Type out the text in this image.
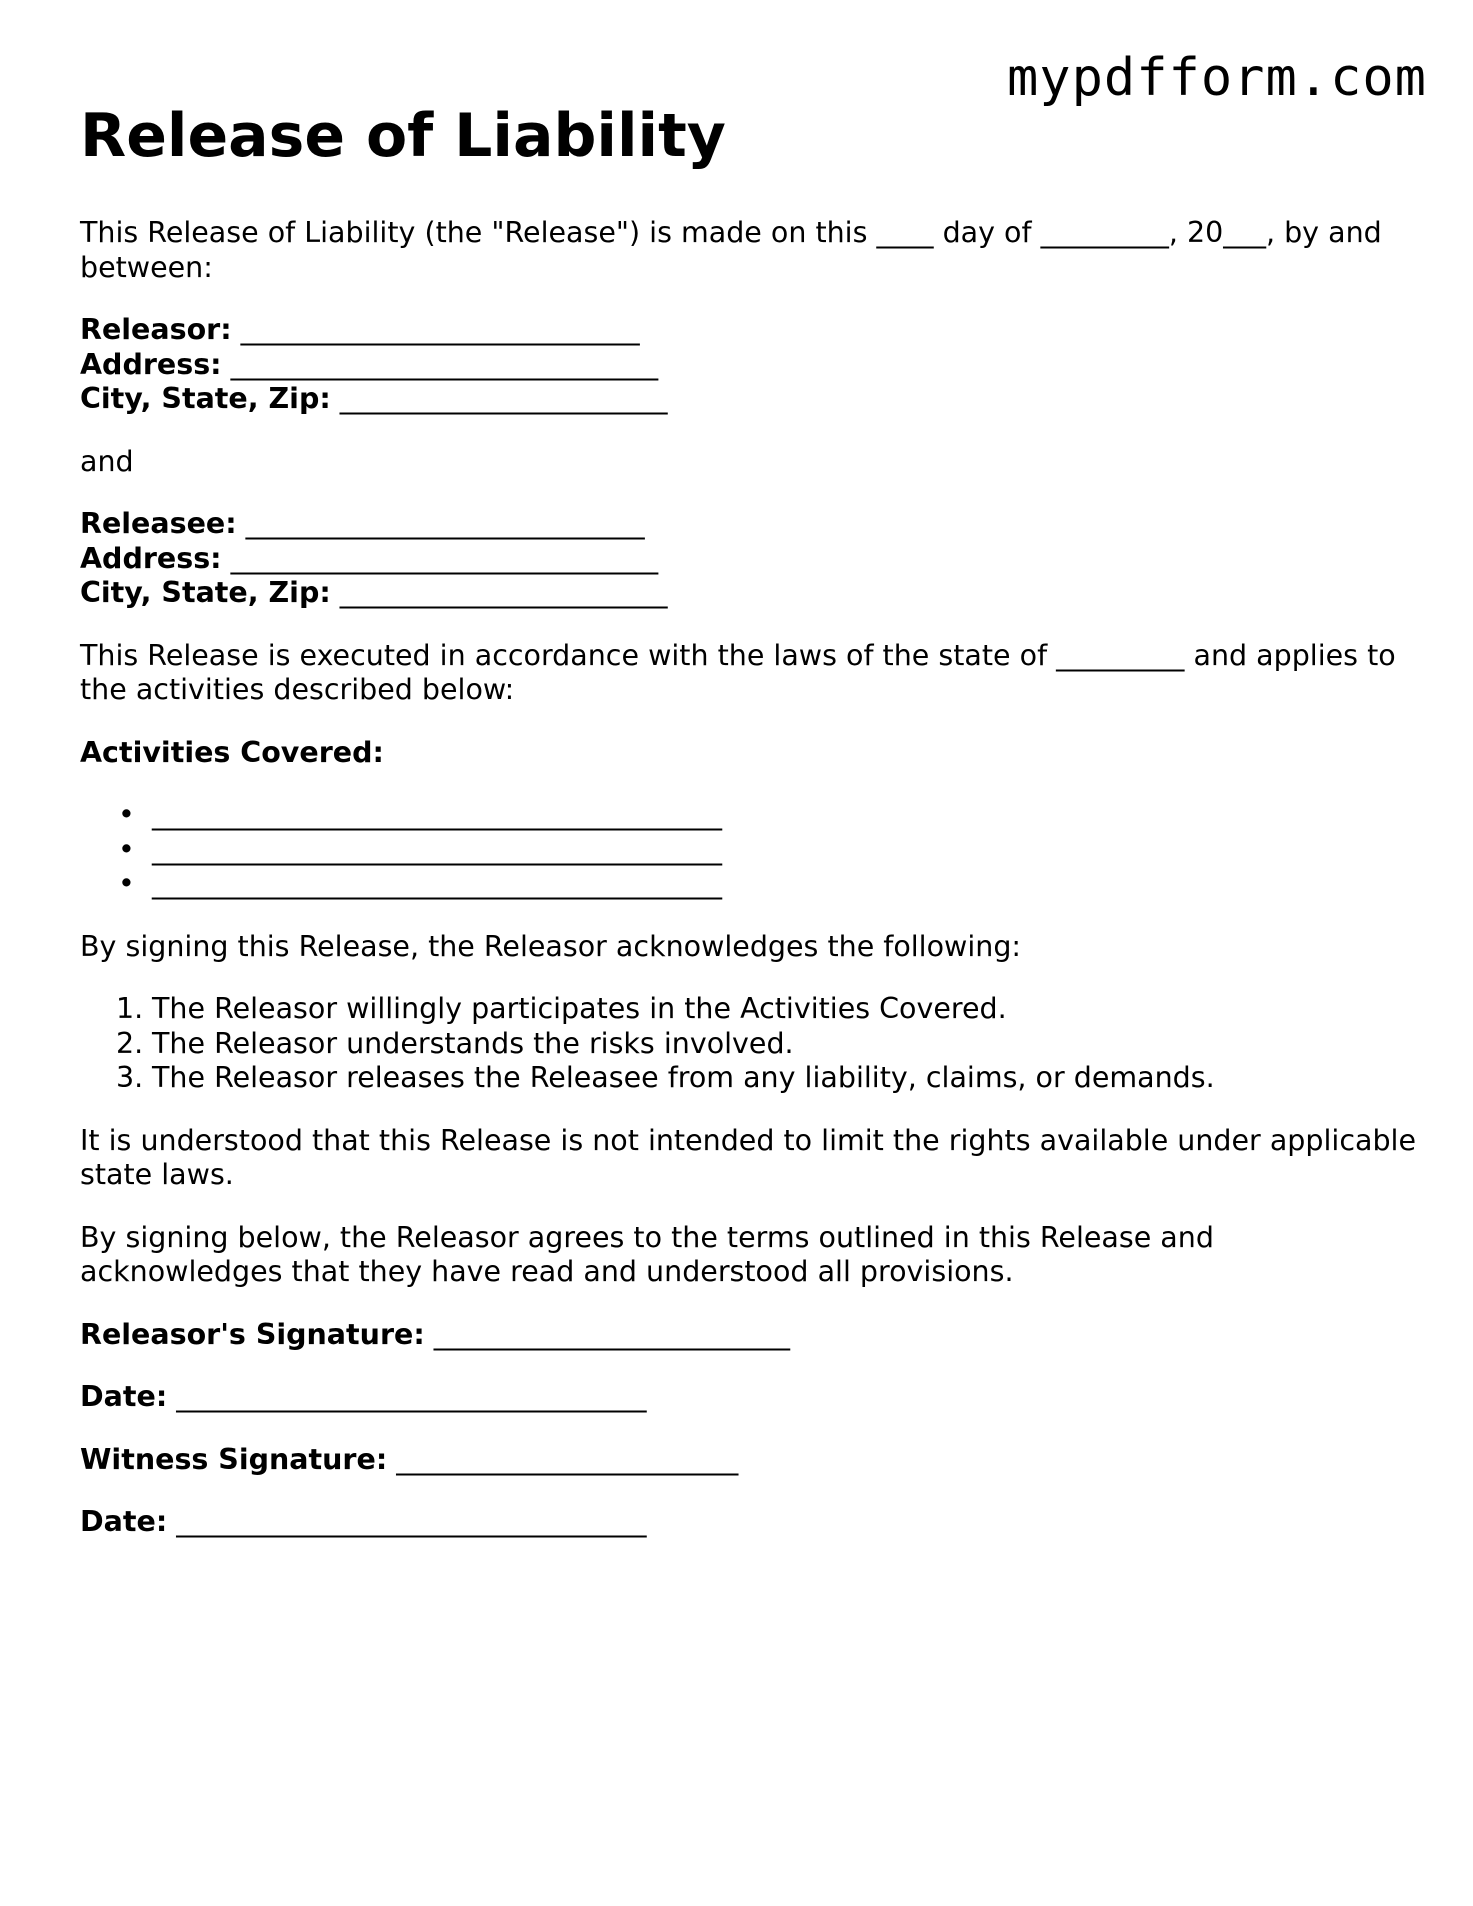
mypdfform.com
Release of Liability

This Release of Liability (the "Release") is made on this ____ day of _________, 20___, by and between:

Releasor: ____________________________
Address: ______________________________
City, State, Zip: _______________________

and

Releasee: ____________________________
Address: ______________________________
City, State, Zip: _______________________

This Release is executed in accordance with the laws of the state of _________ and applies to the activities described below:

Activities Covered:
• ________________________________________
• ________________________________________
• ________________________________________

By signing this Release, the Releasor acknowledges the following:

1. The Releasor willingly participates in the Activities Covered.
2. The Releasor understands the risks involved.
3. The Releasor releases the Releasee from any liability, claims, or demands.

It is understood that this Release is not intended to limit the rights available under applicable state laws.

By signing below, the Releasor agrees to the terms outlined in this Release and acknowledges that they have read and understood all provisions.

Releasor's Signature: _________________________
Date: _________________________________
Witness Signature: ________________________
Date: _________________________________
